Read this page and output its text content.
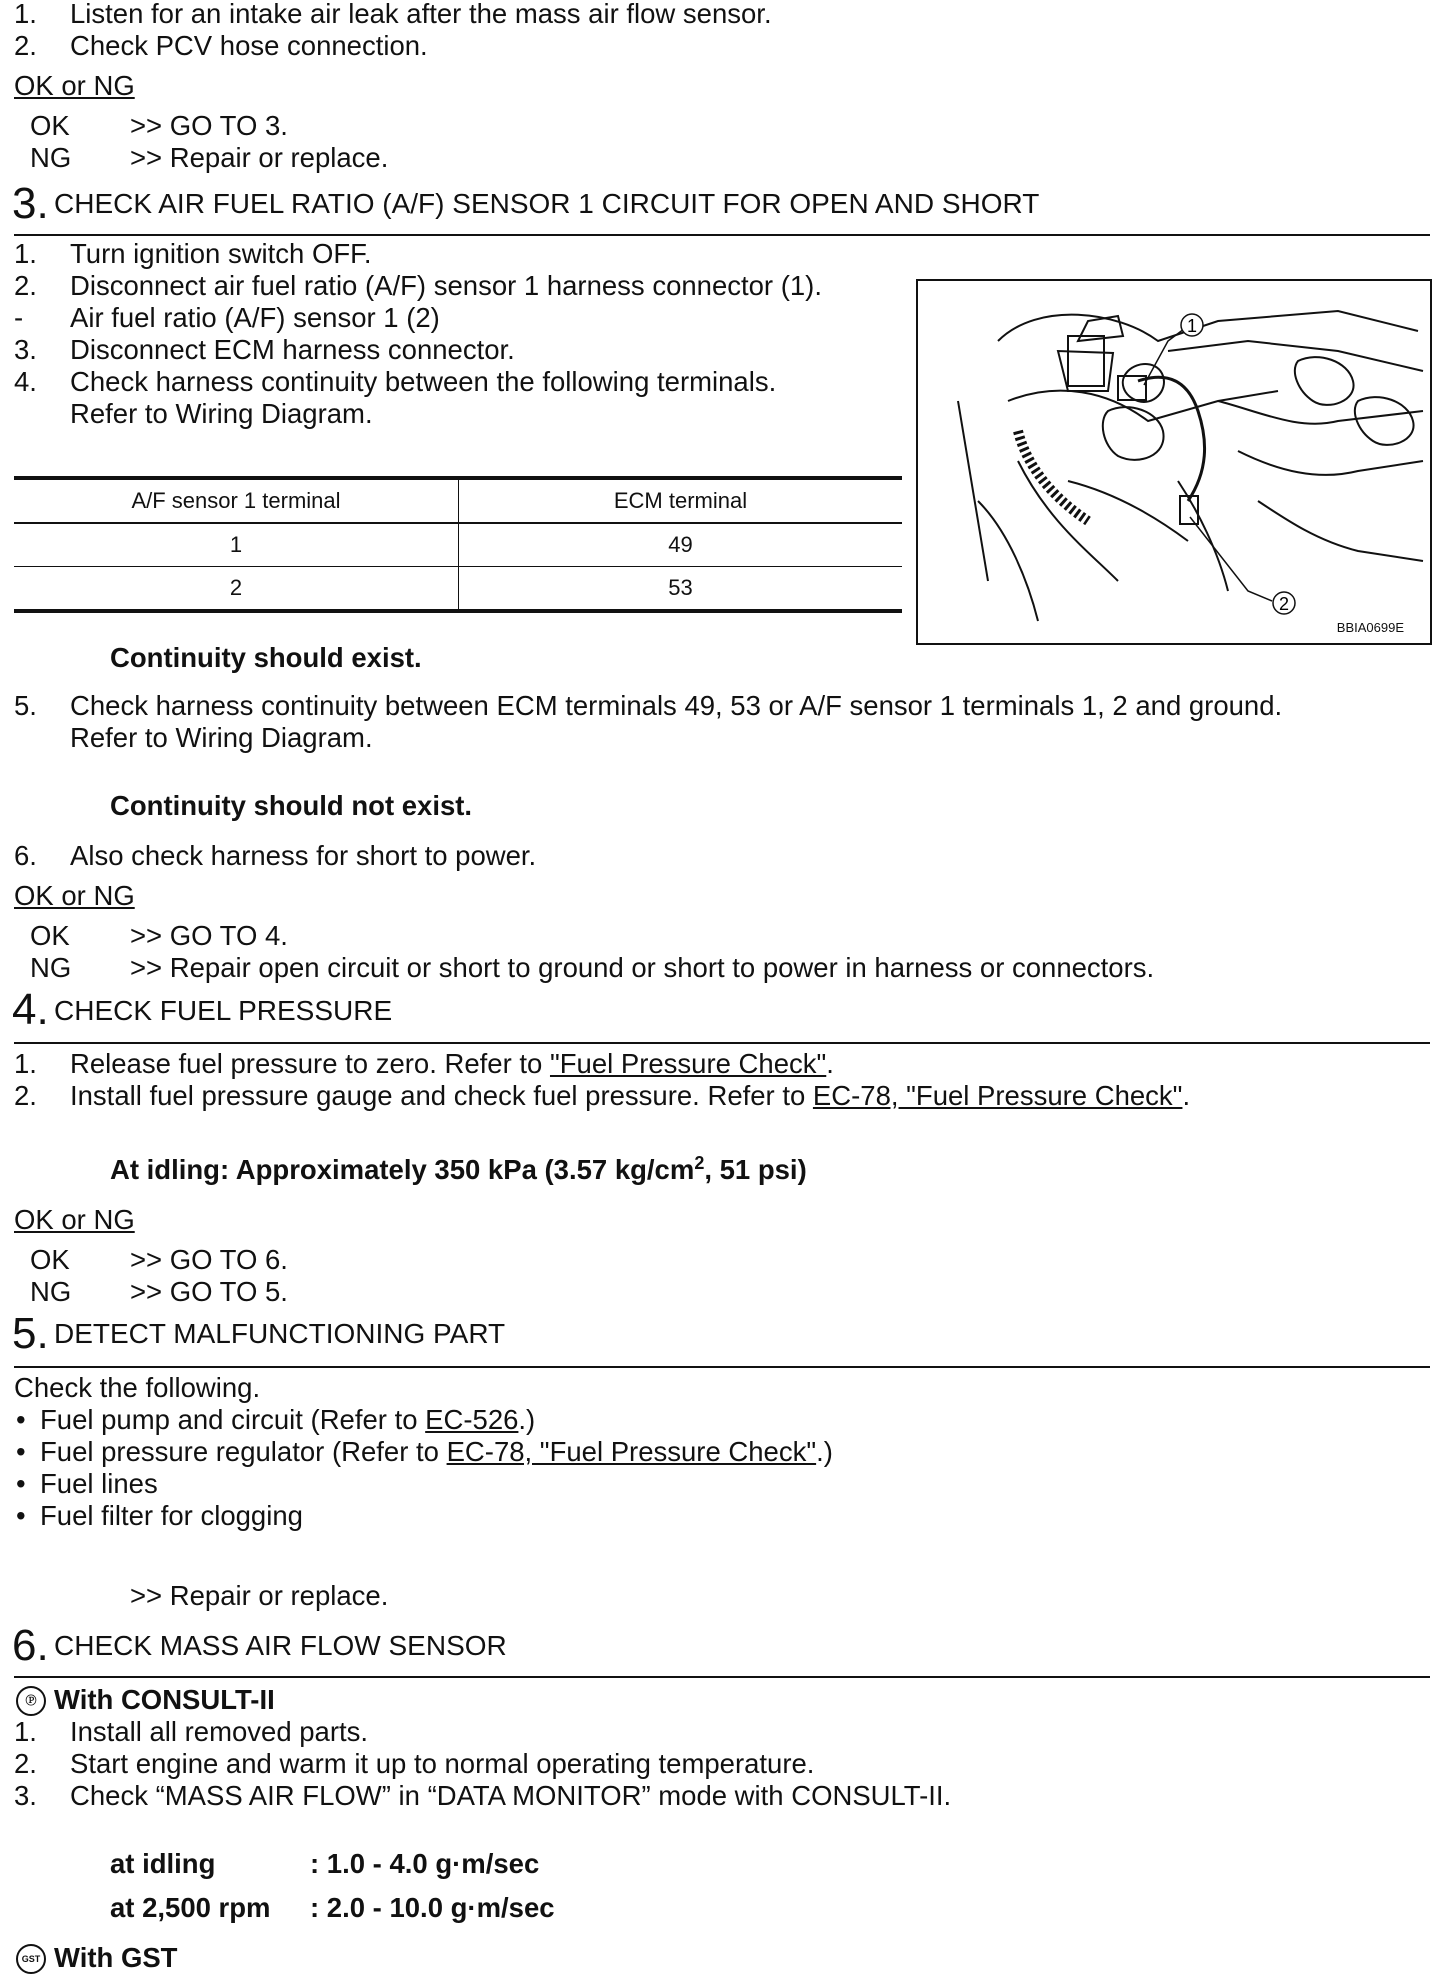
1.	Listen for an intake air leak after the mass air flow sensor.
2.	Check PCV hose connection.
OK or NG
OK >> GO TO 3.
NG >> Repair or replace.
3. CHECK AIR FUEL RATIO (A/F) SENSOR 1 CIRCUIT FOR OPEN AND SHORT
1.	Turn ignition switch OFF.
2.	Disconnect air fuel ratio (A/F) sensor 1 harness connector (1).
-	Air fuel ratio (A/F) sensor 1 (2)
3.	Disconnect ECM harness connector.
4.	Check harness continuity between the following terminals.
Refer to Wiring Diagram.
A/F sensor 1 terminal	ECM terminal
1	49
2	53
1
2
BBIA0699E
Continuity should exist.
5.	Check harness continuity between ECM terminals 49, 53 or A/F sensor 1 terminals 1, 2 and ground.
Refer to Wiring Diagram.
Continuity should not exist.
6.	Also check harness for short to power.
OK or NG
OK >> GO TO 4.
NG >> Repair open circuit or short to ground or short to power in harness or connectors.
4. CHECK FUEL PRESSURE
1.	Release fuel pressure to zero. Refer to "Fuel Pressure Check".
2.	Install fuel pressure gauge and check fuel pressure. Refer to EC-78, "Fuel Pressure Check".
At idling: Approximately 350 kPa (3.57 $kg/cm^2$, 51 psi)
OK or NG
OK >> GO TO 6.
NG >> GO TO 5.
5. DETECT MALFUNCTIONING PART
Check the following.
• Fuel pump and circuit (Refer to EC-526.)
• Fuel pressure regulator (Refer to EC-78, "Fuel Pressure Check".)
• Fuel lines
• Fuel filter for clogging
>> Repair or replace.
6. CHECK MASS AIR FLOW SENSOR
Ⓟ With CONSULT-II
1.	Install all removed parts.
2.	Start engine and warm it up to normal operating temperature.
3.	Check “MASS AIR FLOW” in “DATA MONITOR” mode with CONSULT-II.
at idling	: 1.0 - 4.0 g·m/sec
at 2,500 rpm : 2.0 - 10.0 g·m/sec
GST With GST
